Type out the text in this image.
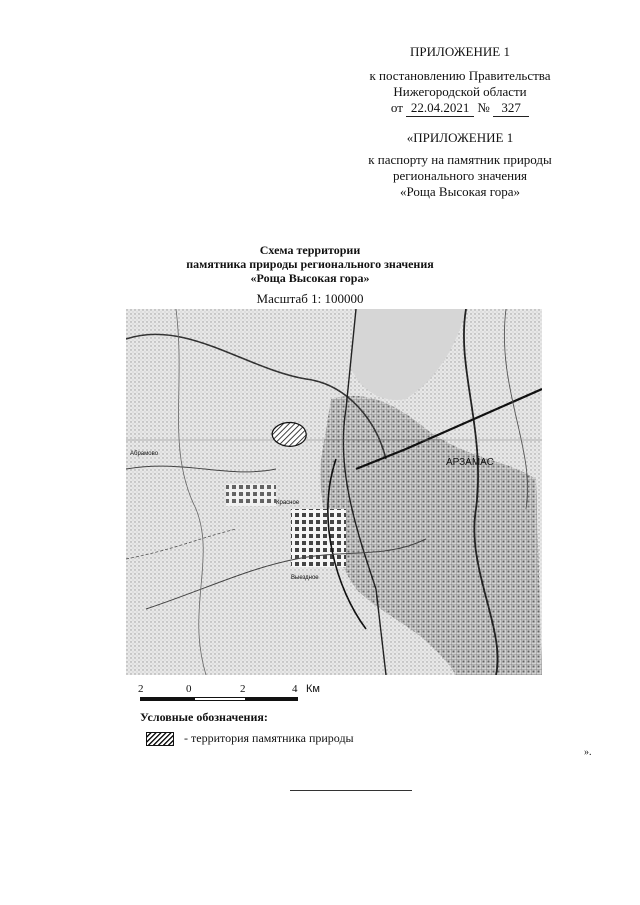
ПРИЛОЖЕНИЕ 1
к постановлению Правительства
Нижегородской области
от 22.04.2021 № 327
«ПРИЛОЖЕНИЕ 1
к паспорту на памятник природы
регионального значения
«Роща Высокая гора»
Схема территории
памятника природы регионального значения
«Роща Высокая гора»
Масштаб 1: 100000
АРЗАМАС
Красное
Выездное
Абрамово
2	0	2	4 Км
Условные обозначения:
- территория памятника природы
».
